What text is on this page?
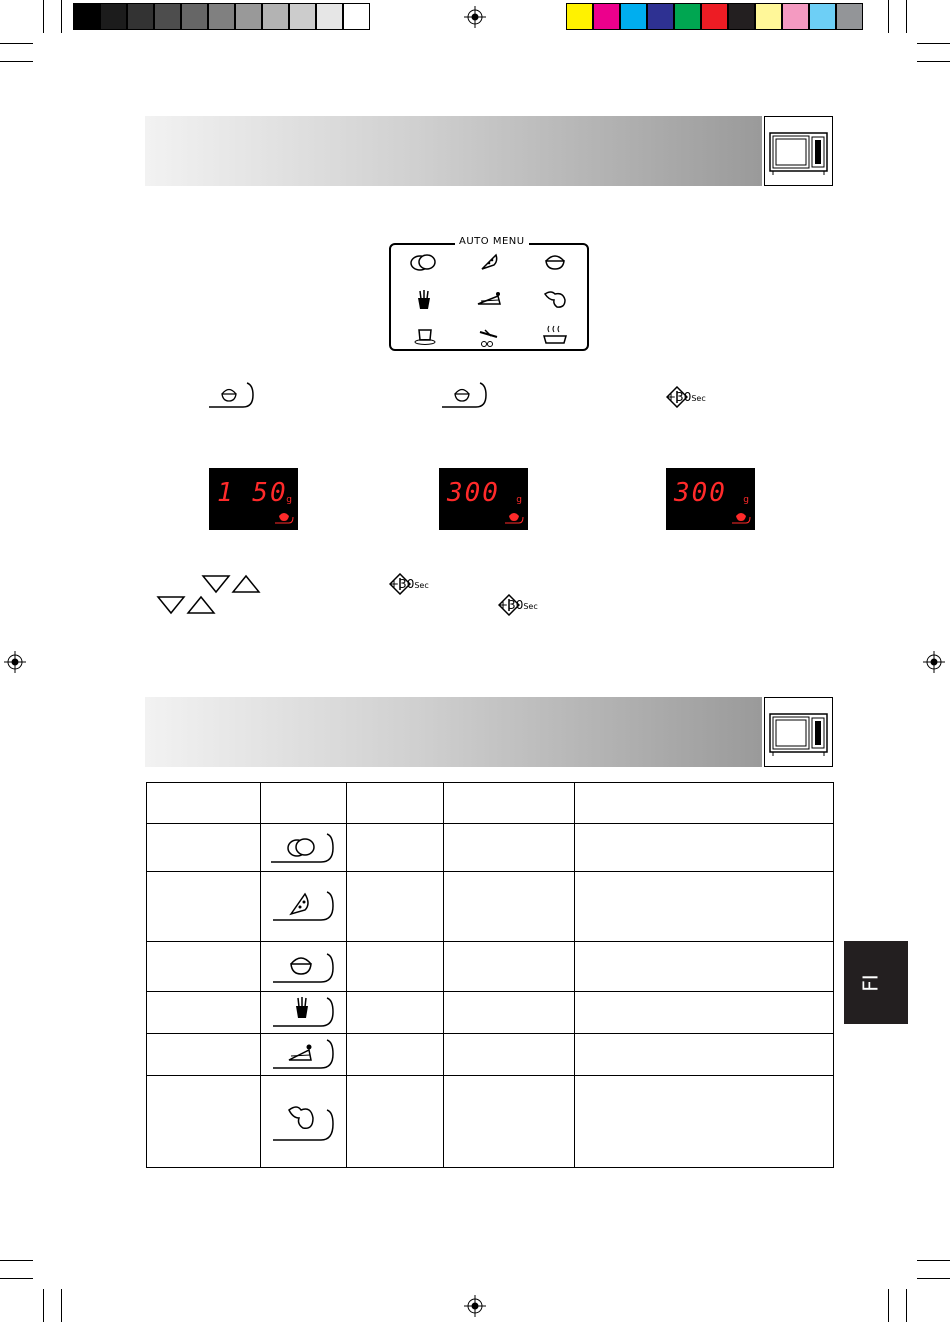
AUTO MENU
+30Sec
1 50
g	300 g	300 g
+30Sec
+30Sec

FI
